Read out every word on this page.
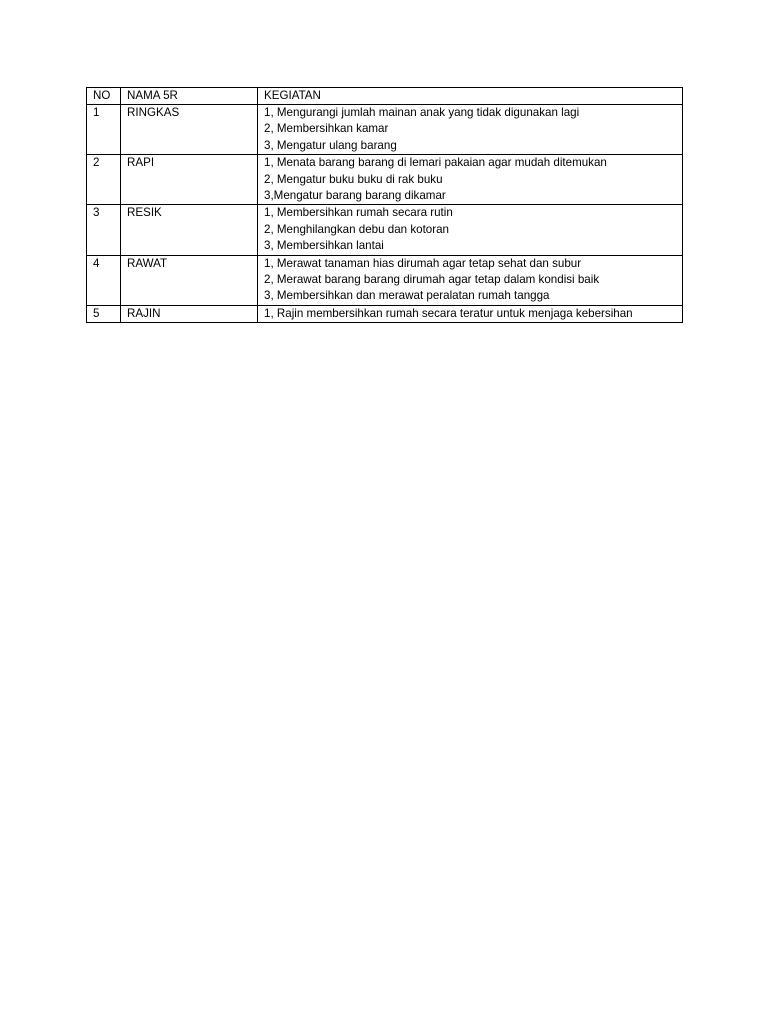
NO	NAMA 5R	KEGIATAN
1	RINGKAS	1, Mengurangi jumlah mainan anak yang tidak digunakan lagi
2, Membersihkan kamar
3, Mengatur ulang barang

2	RAPI	1, Menata barang barang di lemari pakaian agar mudah ditemukan
2, Mengatur buku buku di rak buku
3,Mengatur barang barang dikamar

3	RESIK	1, Membersihkan rumah secara rutin
2, Menghilangkan debu dan kotoran
3, Membersihkan lantai

4	RAWAT	1, Merawat tanaman hias dirumah agar tetap sehat dan subur
2, Merawat barang barang dirumah agar tetap dalam kondisi baik
3, Membersihkan dan merawat peralatan rumah tangga

5	RAJIN	1, Rajin membersihkan rumah secara teratur untuk menjaga kebersihan
